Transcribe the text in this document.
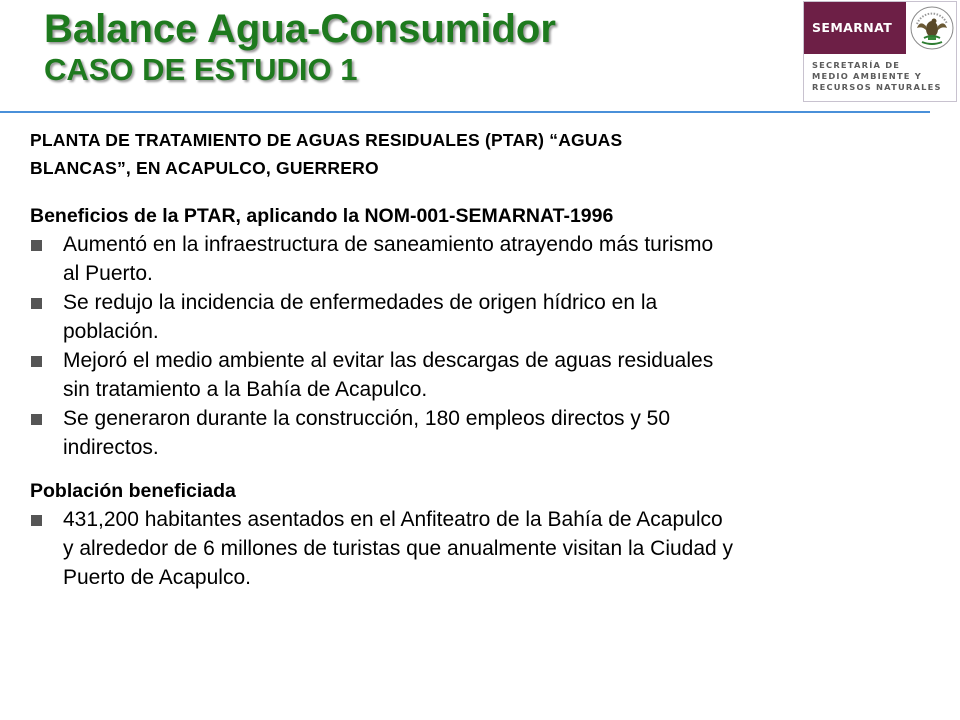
Balance Agua-Consumidor
CASO DE ESTUDIO 1
SEMARNAT
SECRETARÍA DE
MEDIO AMBIENTE Y
RECURSOS NATURALES

PLANTA DE TRATAMIENTO DE AGUAS RESIDUALES (PTAR) “AGUAS
BLANCAS”, EN ACAPULCO, GUERRERO

Beneficios de la PTAR, aplicando la NOM-001-SEMARNAT-1996

Aumentó en la infraestructura de saneamiento atrayendo más turismo
al Puerto.
Se redujo la incidencia de enfermedades de origen hídrico en la
población.
Mejoró el medio ambiente al evitar las descargas de aguas residuales
sin tratamiento a la Bahía de Acapulco.
Se generaron durante la construcción, 180 empleos directos y 50
indirectos.

Población beneficiada

431,200 habitantes asentados en el Anfiteatro de la Bahía de Acapulco
y alrededor de 6 millones de turistas que anualmente visitan la Ciudad y
Puerto de Acapulco.
